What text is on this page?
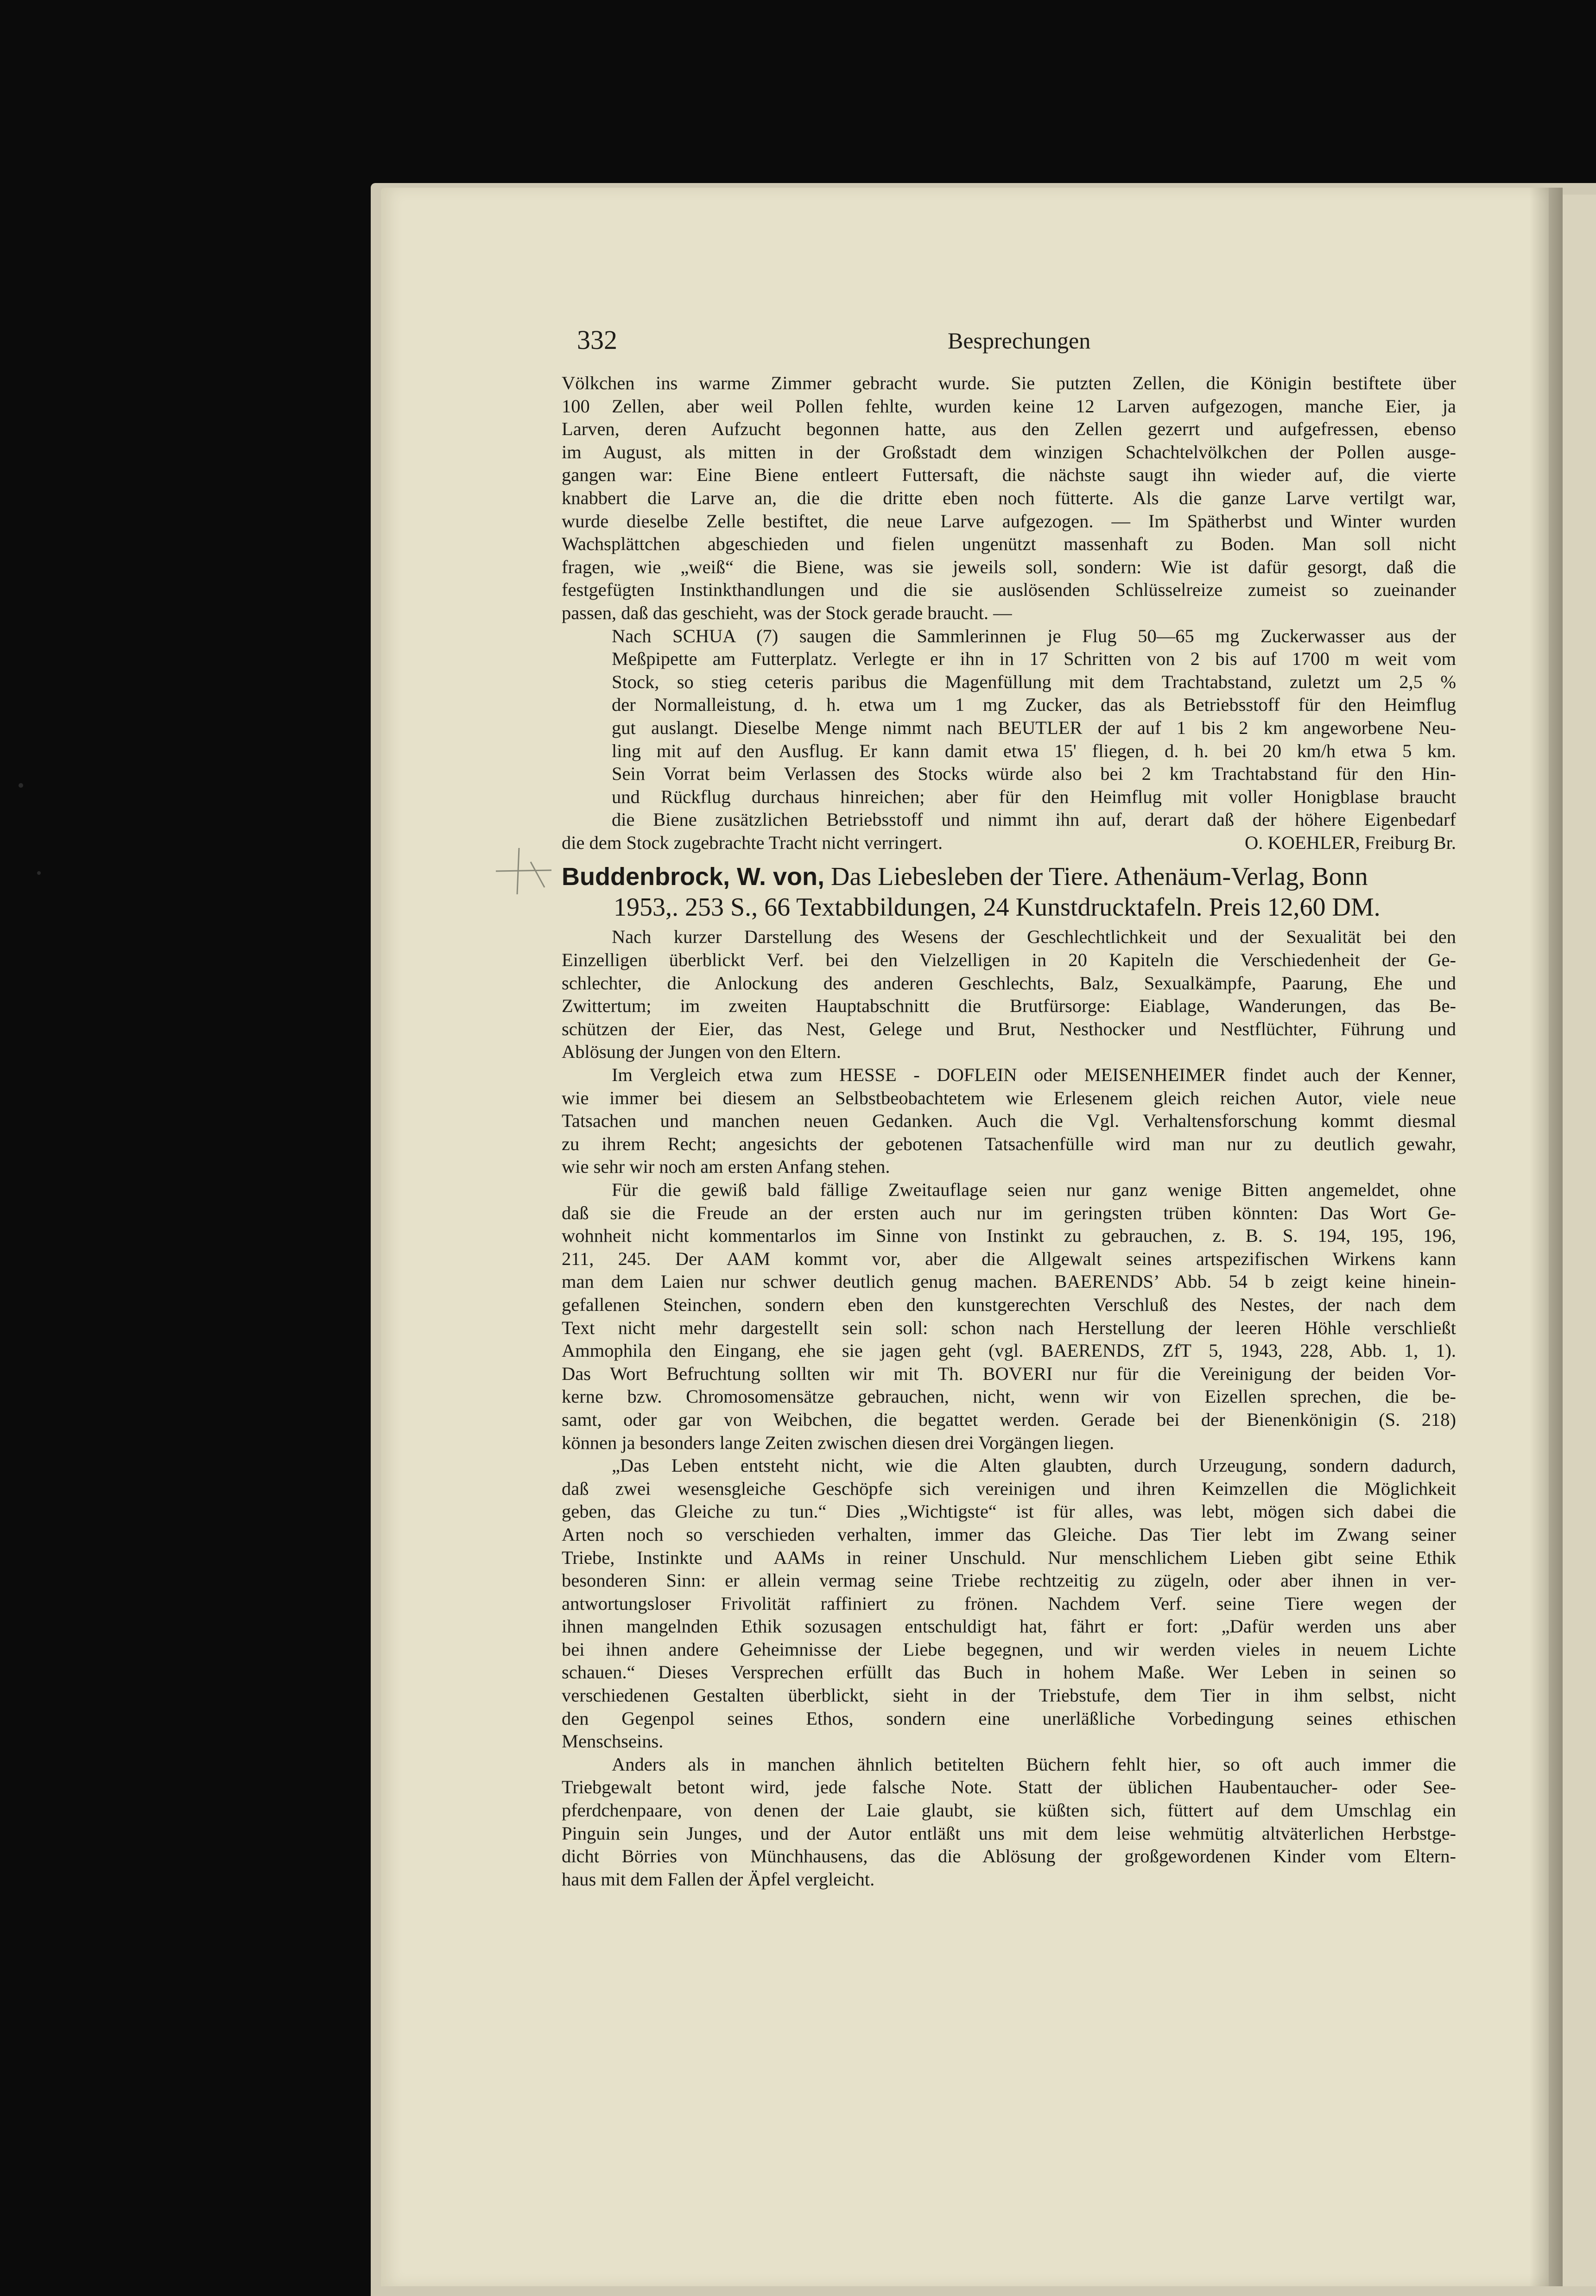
332	Besprechungen
Völkchen ins warme Zimmer gebracht wurde. Sie putzten Zellen, die Königin bestiftete über
100 Zellen, aber weil Pollen fehlte, wurden keine 12 Larven aufgezogen, manche Eier, ja
Larven, deren Aufzucht begonnen hatte, aus den Zellen gezerrt und aufgefressen, ebenso
im August, als mitten in der Großstadt dem winzigen Schachtelvölkchen der Pollen ausge-
gangen war: Eine Biene entleert Futtersaft, die nächste saugt ihn wieder auf, die vierte
knabbert die Larve an, die die dritte eben noch fütterte. Als die ganze Larve vertilgt war,
wurde dieselbe Zelle bestiftet, die neue Larve aufgezogen. — Im Spätherbst und Winter wurden
Wachsplättchen abgeschieden und fielen ungenützt massenhaft zu Boden. Man soll nicht
fragen, wie „weiß“ die Biene, was sie jeweils soll, sondern: Wie ist dafür gesorgt, daß die
festgefügten Instinkthandlungen und die sie auslösenden Schlüsselreize zumeist so zueinander
passen, daß das geschieht, was der Stock gerade braucht. —
Nach SCHUA (7) saugen die Sammlerinnen je Flug 50—65 mg Zuckerwasser aus der
Meßpipette am Futterplatz. Verlegte er ihn in 17 Schritten von 2 bis auf 1700 m weit vom
Stock, so stieg ceteris paribus die Magenfüllung mit dem Trachtabstand, zuletzt um 2,5 %
der Normalleistung, d. h. etwa um 1 mg Zucker, das als Betriebsstoff für den Heimflug
gut auslangt. Dieselbe Menge nimmt nach BEUTLER der auf 1 bis 2 km angeworbene Neu-
ling mit auf den Ausflug. Er kann damit etwa 15' fliegen, d. h. bei 20 km/h etwa 5 km.
Sein Vorrat beim Verlassen des Stocks würde also bei 2 km Trachtabstand für den Hin-
und Rückflug durchaus hinreichen; aber für den Heimflug mit voller Honigblase braucht
die Biene zusätzlichen Betriebsstoff und nimmt ihn auf, derart daß der höhere Eigenbedarf
die dem Stock zugebrachte Tracht nicht verringert.	O. KOEHLER, Freiburg Br.
Buddenbrock, W. von, Das Liebesleben der Tiere. Athenäum-Verlag, Bonn
1953,. 253 S., 66 Textabbildungen, 24 Kunstdrucktafeln. Preis 12,60 DM.
Nach kurzer Darstellung des Wesens der Geschlechtlichkeit und der Sexualität bei den
Einzelligen überblickt Verf. bei den Vielzelligen in 20 Kapiteln die Verschiedenheit der Ge-
schlechter, die Anlockung des anderen Geschlechts, Balz, Sexualkämpfe, Paarung, Ehe und
Zwittertum; im zweiten Hauptabschnitt die Brutfürsorge: Eiablage, Wanderungen, das Be-
schützen der Eier, das Nest, Gelege und Brut, Nesthocker und Nestflüchter, Führung und
Ablösung der Jungen von den Eltern.
Im Vergleich etwa zum HESSE - DOFLEIN oder MEISENHEIMER findet auch der Kenner,
wie immer bei diesem an Selbstbeobachtetem wie Erlesenem gleich reichen Autor, viele neue
Tatsachen und manchen neuen Gedanken. Auch die Vgl. Verhaltensforschung kommt diesmal
zu ihrem Recht; angesichts der gebotenen Tatsachenfülle wird man nur zu deutlich gewahr,
wie sehr wir noch am ersten Anfang stehen.
Für die gewiß bald fällige Zweitauflage seien nur ganz wenige Bitten angemeldet, ohne
daß sie die Freude an der ersten auch nur im geringsten trüben könnten: Das Wort Ge-
wohnheit nicht kommentarlos im Sinne von Instinkt zu gebrauchen, z. B. S. 194, 195, 196,
211, 245. Der AAM kommt vor, aber die Allgewalt seines artspezifischen Wirkens kann
man dem Laien nur schwer deutlich genug machen. BAERENDS’ Abb. 54 b zeigt keine hinein-
gefallenen Steinchen, sondern eben den kunstgerechten Verschluß des Nestes, der nach dem
Text nicht mehr dargestellt sein soll: schon nach Herstellung der leeren Höhle verschließt
Ammophila den Eingang, ehe sie jagen geht (vgl. BAERENDS, ZfT 5, 1943, 228, Abb. 1, 1).
Das Wort Befruchtung sollten wir mit Th. BOVERI nur für die Vereinigung der beiden Vor-
kerne bzw. Chromosomensätze gebrauchen, nicht, wenn wir von Eizellen sprechen, die be-
samt, oder gar von Weibchen, die begattet werden. Gerade bei der Bienenkönigin (S. 218)
können ja besonders lange Zeiten zwischen diesen drei Vorgängen liegen.
„Das Leben entsteht nicht, wie die Alten glaubten, durch Urzeugung, sondern dadurch,
daß zwei wesensgleiche Geschöpfe sich vereinigen und ihren Keimzellen die Möglichkeit
geben, das Gleiche zu tun.“ Dies „Wichtigste“ ist für alles, was lebt, mögen sich dabei die
Arten noch so verschieden verhalten, immer das Gleiche. Das Tier lebt im Zwang seiner
Triebe, Instinkte und AAMs in reiner Unschuld. Nur menschlichem Lieben gibt seine Ethik
besonderen Sinn: er allein vermag seine Triebe rechtzeitig zu zügeln, oder aber ihnen in ver-
antwortungsloser Frivolität raffiniert zu frönen. Nachdem Verf. seine Tiere wegen der
ihnen mangelnden Ethik sozusagen entschuldigt hat, fährt er fort: „Dafür werden uns aber
bei ihnen andere Geheimnisse der Liebe begegnen, und wir werden vieles in neuem Lichte
schauen.“ Dieses Versprechen erfüllt das Buch in hohem Maße. Wer Leben in seinen so
verschiedenen Gestalten überblickt, sieht in der Triebstufe, dem Tier in ihm selbst, nicht
den Gegenpol seines Ethos, sondern eine unerläßliche Vorbedingung seines ethischen
Menschseins.
Anders als in manchen ähnlich betitelten Büchern fehlt hier, so oft auch immer die
Triebgewalt betont wird, jede falsche Note. Statt der üblichen Haubentaucher- oder See-
pferdchenpaare, von denen der Laie glaubt, sie küßten sich, füttert auf dem Umschlag ein
Pinguin sein Junges, und der Autor entläßt uns mit dem leise wehmütig altväterlichen Herbstge-
dicht Börries von Münchhausens, das die Ablösung der großgewordenen Kinder vom Eltern-
haus mit dem Fallen der Äpfel vergleicht.
